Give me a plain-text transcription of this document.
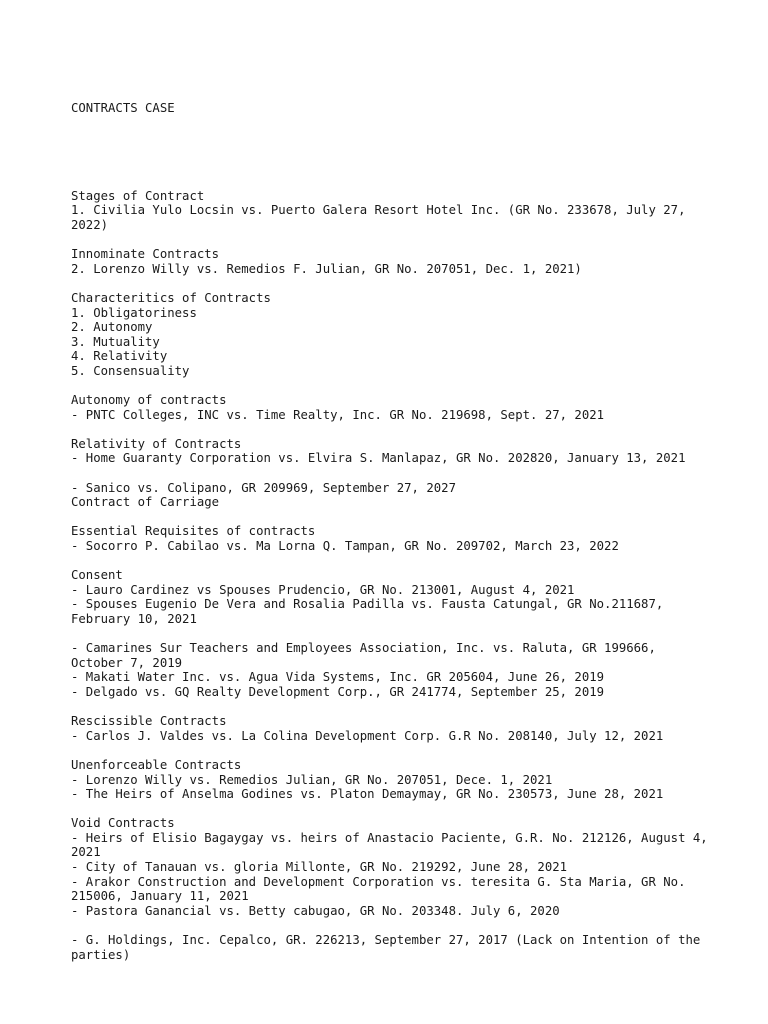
CONTRACTS CASE

Stages of Contract
1. Civilia Yulo Locsin vs. Puerto Galera Resort Hotel Inc. (GR No. 233678, July 27, 2022)
Innominate Contracts
2. Lorenzo Willy vs. Remedios F. Julian, GR No. 207051, Dec. 1, 2021)
Characteritics of Contracts
1. Obligatoriness
2. Autonomy
3. Mutuality
4. Relativity
5. Consensuality
Autonomy of contracts
- PNTC Colleges, INC vs. Time Realty, Inc. GR No. 219698, Sept. 27, 2021
Relativity of Contracts
- Home Guaranty Corporation vs. Elvira S. Manlapaz, GR No. 202820, January 13, 2021
- Sanico vs. Colipano, GR 209969, September 27, 2027
Contract of Carriage
Essential Requisites of contracts
- Socorro P. Cabilao vs. Ma Lorna Q. Tampan, GR No. 209702, March 23, 2022
Consent
- Lauro Cardinez vs Spouses Prudencio, GR No. 213001, August 4, 2021
- Spouses Eugenio De Vera and Rosalia Padilla vs. Fausta Catungal, GR No.211687, February 10, 2021
- Camarines Sur Teachers and Employees Association, Inc. vs. Raluta, GR 199666, October 7, 2019
- Makati Water Inc. vs. Agua Vida Systems, Inc. GR 205604, June 26, 2019
- Delgado vs. GQ Realty Development Corp., GR 241774, September 25, 2019
Rescissible Contracts
- Carlos J. Valdes vs. La Colina Development Corp. G.R No. 208140, July 12, 2021
Unenforceable Contracts
- Lorenzo Willy vs. Remedios Julian, GR No. 207051, Dece. 1, 2021
- The Heirs of Anselma Godines vs. Platon Demaymay, GR No. 230573, June 28, 2021
Void Contracts
- Heirs of Elisio Bagaygay vs. heirs of Anastacio Paciente, G.R. No. 212126, August 4, 2021
- City of Tanauan vs. gloria Millonte, GR No. 219292, June 28, 2021
- Arakor Construction and Development Corporation vs. teresita G. Sta Maria, GR No. 215006, January 11, 2021
- Pastora Ganancial vs. Betty cabugao, GR No. 203348. July 6, 2020
- G. Holdings, Inc. Cepalco, GR. 226213, September 27, 2017 (Lack on Intention of the parties)
